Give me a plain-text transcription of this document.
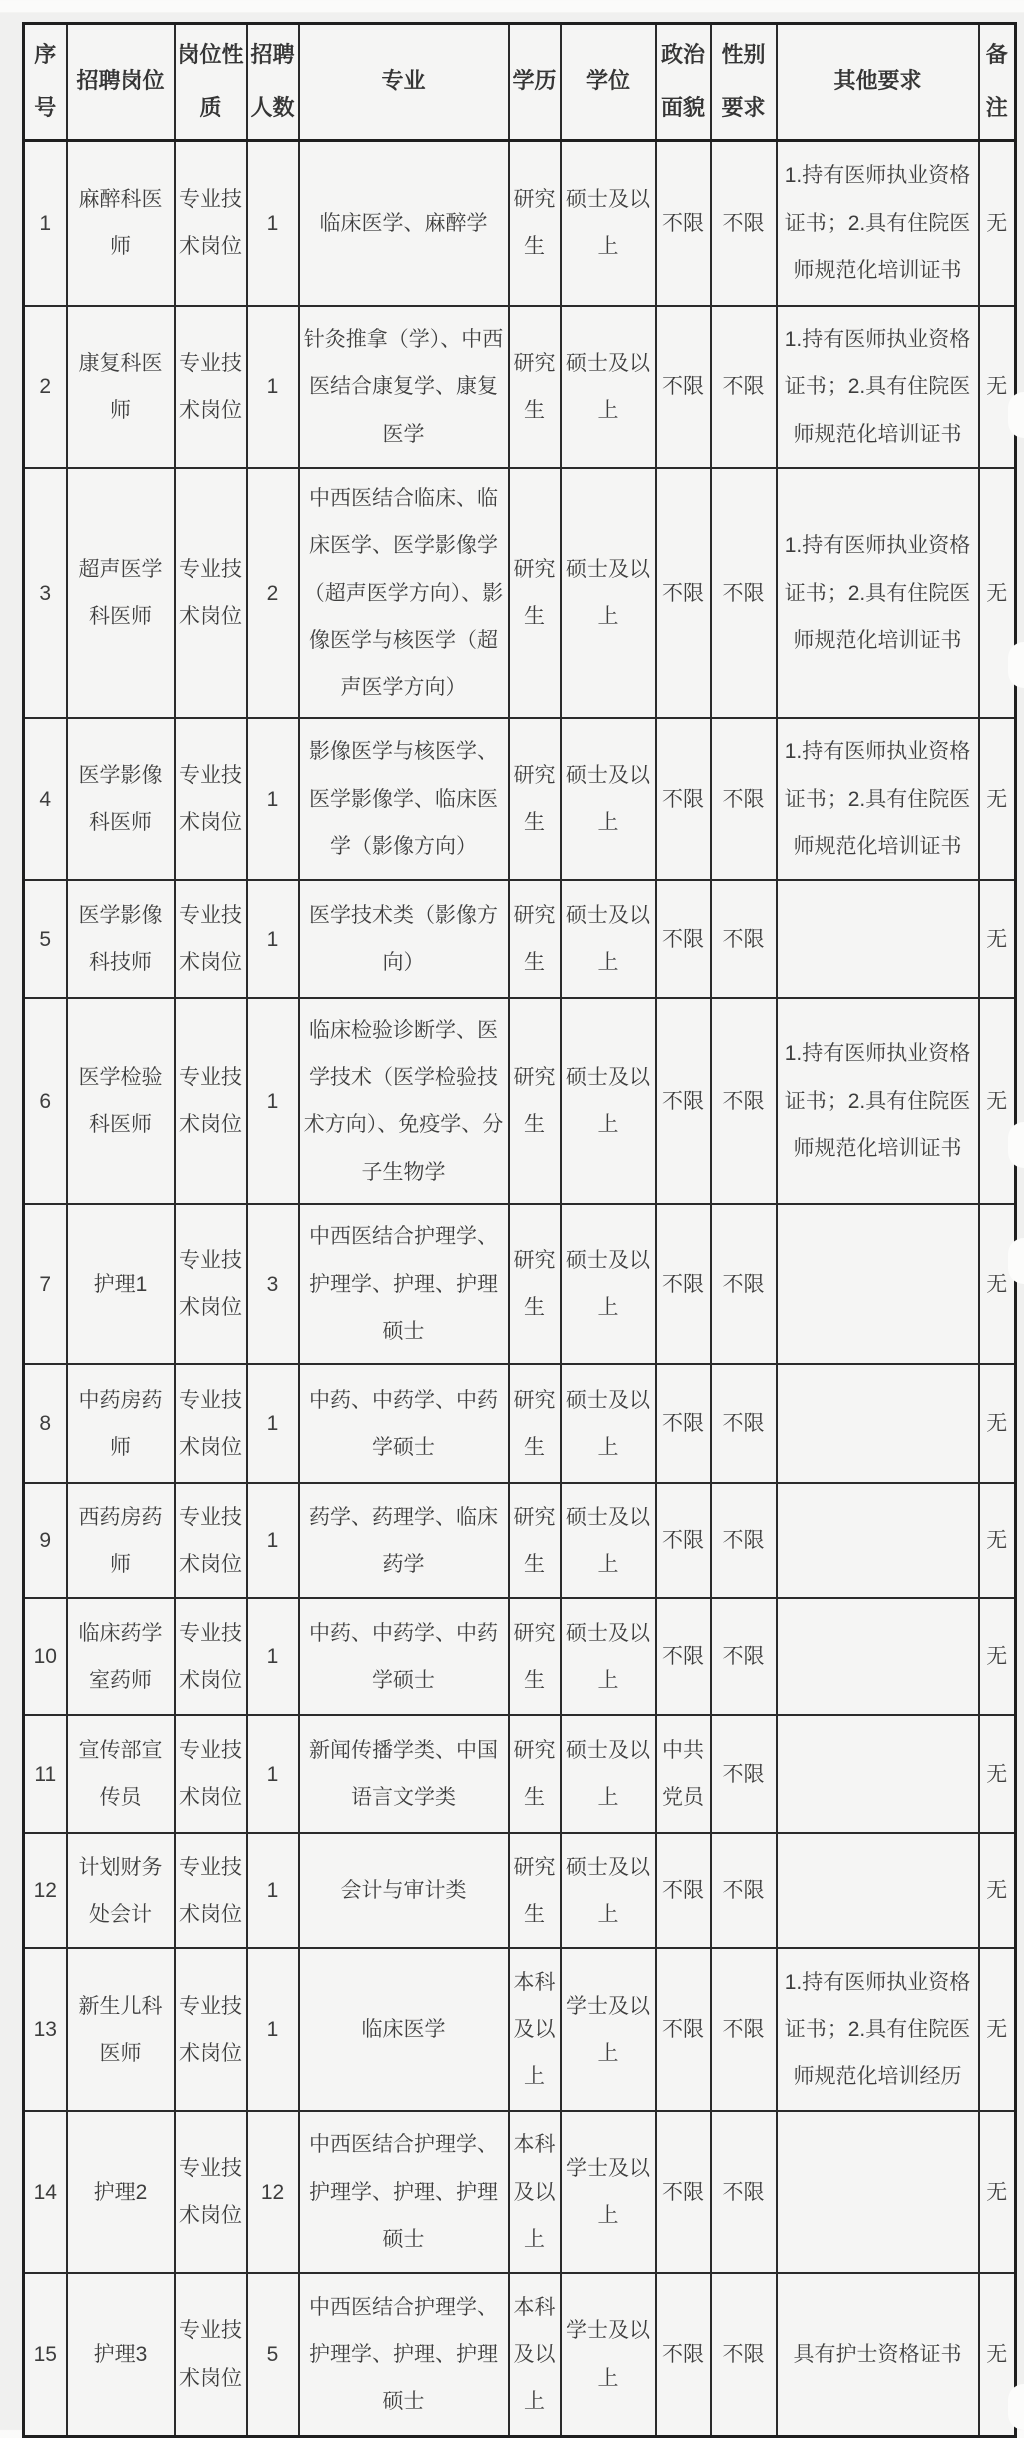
序号	招聘岗位	岗位性质	招聘人数	专业	学历	学位	政治面貌	性别要求	其他要求	备注
1	麻醉科医师	专业技术岗位	1	临床医学、麻醉学	研究生	硕士及以上	不限	不限	1.持有医师执业资格证书；2.具有住院医师规范化培训证书	无
2	康复科医师	专业技术岗位	1	针灸推拿（学）、中西医结合康复学、康复医学	研究生	硕士及以上	不限	不限	1.持有医师执业资格证书；2.具有住院医师规范化培训证书	无
3	超声医学科医师	专业技术岗位	2	中西医结合临床、临床医学、医学影像学（超声医学方向）、影像医学与核医学（超声医学方向）	研究生	硕士及以上	不限	不限	1.持有医师执业资格证书；2.具有住院医师规范化培训证书	无
4	医学影像科医师	专业技术岗位	1	影像医学与核医学、医学影像学、临床医学（影像方向）	研究生	硕士及以上	不限	不限	1.持有医师执业资格证书；2.具有住院医师规范化培训证书	无
5	医学影像科技师	专业技术岗位	1	医学技术类（影像方向）	研究生	硕士及以上	不限	不限		无
6	医学检验科医师	专业技术岗位	1	临床检验诊断学、医学技术（医学检验技术方向）、免疫学、分子生物学	研究生	硕士及以上	不限	不限	1.持有医师执业资格证书；2.具有住院医师规范化培训证书	无
7	护理1	专业技术岗位	3	中西医结合护理学、护理学、护理、护理硕士	研究生	硕士及以上	不限	不限		无
8	中药房药师	专业技术岗位	1	中药、中药学、中药学硕士	研究生	硕士及以上	不限	不限		无
9	西药房药师	专业技术岗位	1	药学、药理学、临床药学	研究生	硕士及以上	不限	不限		无
10	临床药学室药师	专业技术岗位	1	中药、中药学、中药学硕士	研究生	硕士及以上	不限	不限		无
11	宣传部宣传员	专业技术岗位	1	新闻传播学类、中国语言文学类	研究生	硕士及以上	中共党员	不限		无
12	计划财务处会计	专业技术岗位	1	会计与审计类	研究生	硕士及以上	不限	不限		无
13	新生儿科医师	专业技术岗位	1	临床医学	本科及以上	学士及以上	不限	不限	1.持有医师执业资格证书；2.具有住院医师规范化培训经历	无
14	护理2	专业技术岗位	12	中西医结合护理学、护理学、护理、护理硕士	本科及以上	学士及以上	不限	不限		无
15	护理3	专业技术岗位	5	中西医结合护理学、护理学、护理、护理硕士	本科及以上	学士及以上	不限	不限	具有护士资格证书	无
